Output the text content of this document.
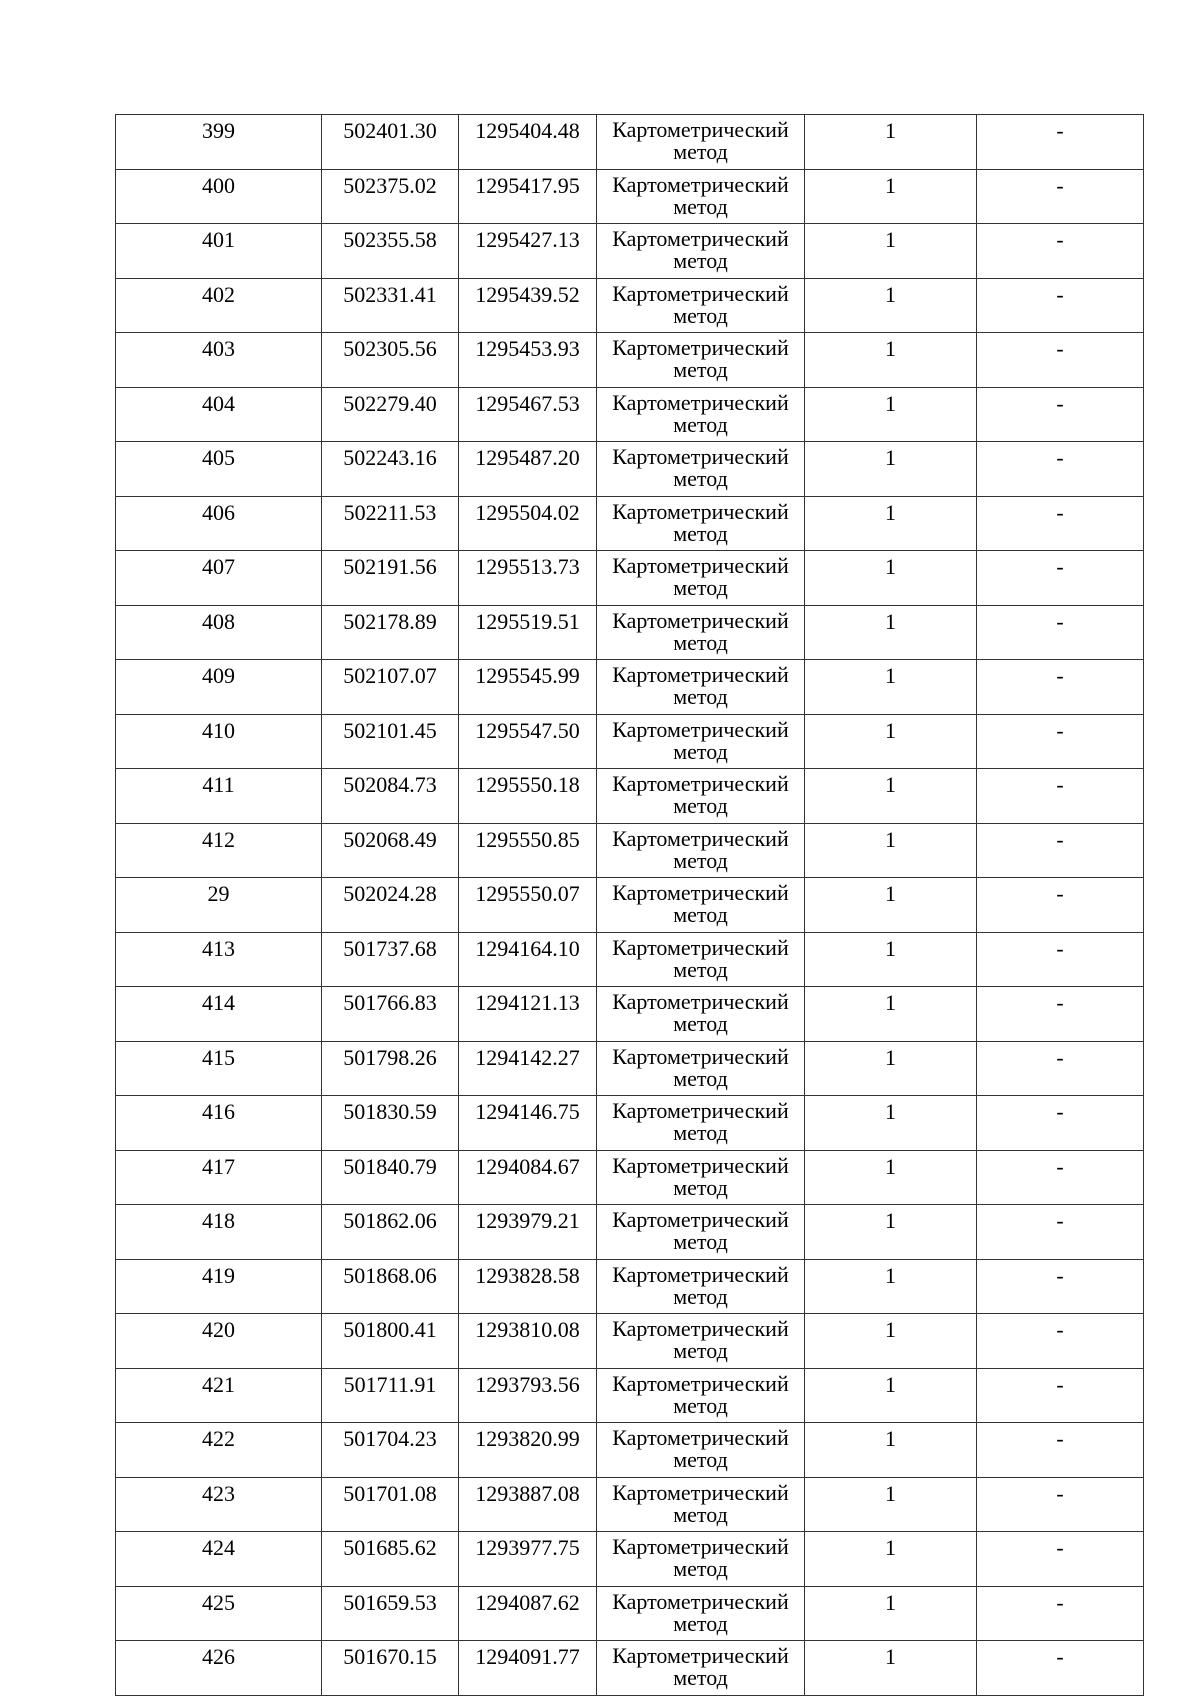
399	502401.30	1295404.48	Картометрический
метод	1	-
400	502375.02	1295417.95	Картометрический
метод	1	-
401	502355.58	1295427.13	Картометрический
метод	1	-
402	502331.41	1295439.52	Картометрический
метод	1	-
403	502305.56	1295453.93	Картометрический
метод	1	-
404	502279.40	1295467.53	Картометрический
метод	1	-
405	502243.16	1295487.20	Картометрический
метод	1	-
406	502211.53	1295504.02	Картометрический
метод	1	-
407	502191.56	1295513.73	Картометрический
метод	1	-
408	502178.89	1295519.51	Картометрический
метод	1	-
409	502107.07	1295545.99	Картометрический
метод	1	-
410	502101.45	1295547.50	Картометрический
метод	1	-
411	502084.73	1295550.18	Картометрический
метод	1	-
412	502068.49	1295550.85	Картометрический
метод	1	-
29	502024.28	1295550.07	Картометрический
метод	1	-
413	501737.68	1294164.10	Картометрический
метод	1	-
414	501766.83	1294121.13	Картометрический
метод	1	-
415	501798.26	1294142.27	Картометрический
метод	1	-
416	501830.59	1294146.75	Картометрический
метод	1	-
417	501840.79	1294084.67	Картометрический
метод	1	-
418	501862.06	1293979.21	Картометрический
метод	1	-
419	501868.06	1293828.58	Картометрический
метод	1	-
420	501800.41	1293810.08	Картометрический
метод	1	-
421	501711.91	1293793.56	Картометрический
метод	1	-
422	501704.23	1293820.99	Картометрический
метод	1	-
423	501701.08	1293887.08	Картометрический
метод	1	-
424	501685.62	1293977.75	Картометрический
метод	1	-
425	501659.53	1294087.62	Картометрический
метод	1	-
426	501670.15	1294091.77	Картометрический
метод	1	-
